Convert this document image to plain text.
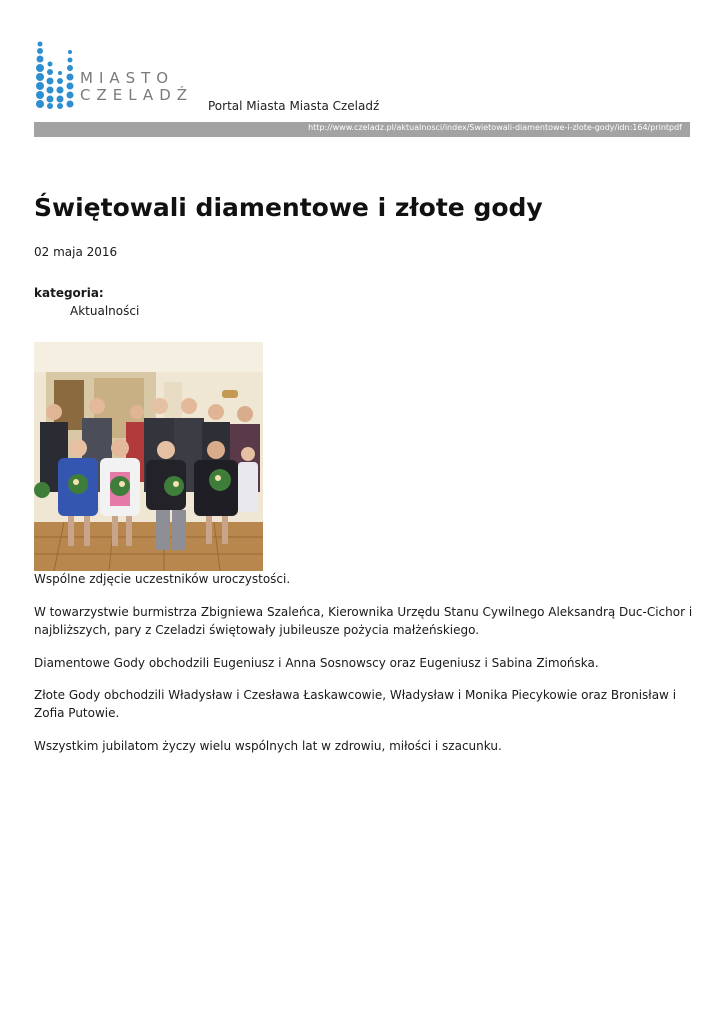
MIASTO
CZELADŹ
Portal Miasta Miasta Czeladź
http://www.czeladz.pl/aktualnosci/index/Swietowali-diamentowe-i-zlote-gody/idn:164/printpdf
Świętowali diamentowe i złote gody
02 maja 2016
kategoria:
Aktualności
Wspólne zdjęcie uczestników uroczystości.

W towarzystwie burmistrza Zbigniewa Szaleńca, Kierownika Urzędu Stanu Cywilnego Aleksandrą Duc-Cichor i najbliższych, pary z Czeladzi świętowały jubileusze pożycia małżeńskiego.

Diamentowe Gody obchodzili Eugeniusz i Anna Sosnowscy oraz Eugeniusz i Sabina Zimońska.

Złote Gody obchodzili Władysław i Czesława Łaskawcowie, Władysław i Monika Piecykowie oraz Bronisław i Zofia Putowie.

Wszystkim jubilatom życzy wielu wspólnych lat w zdrowiu, miłości i szacunku.
